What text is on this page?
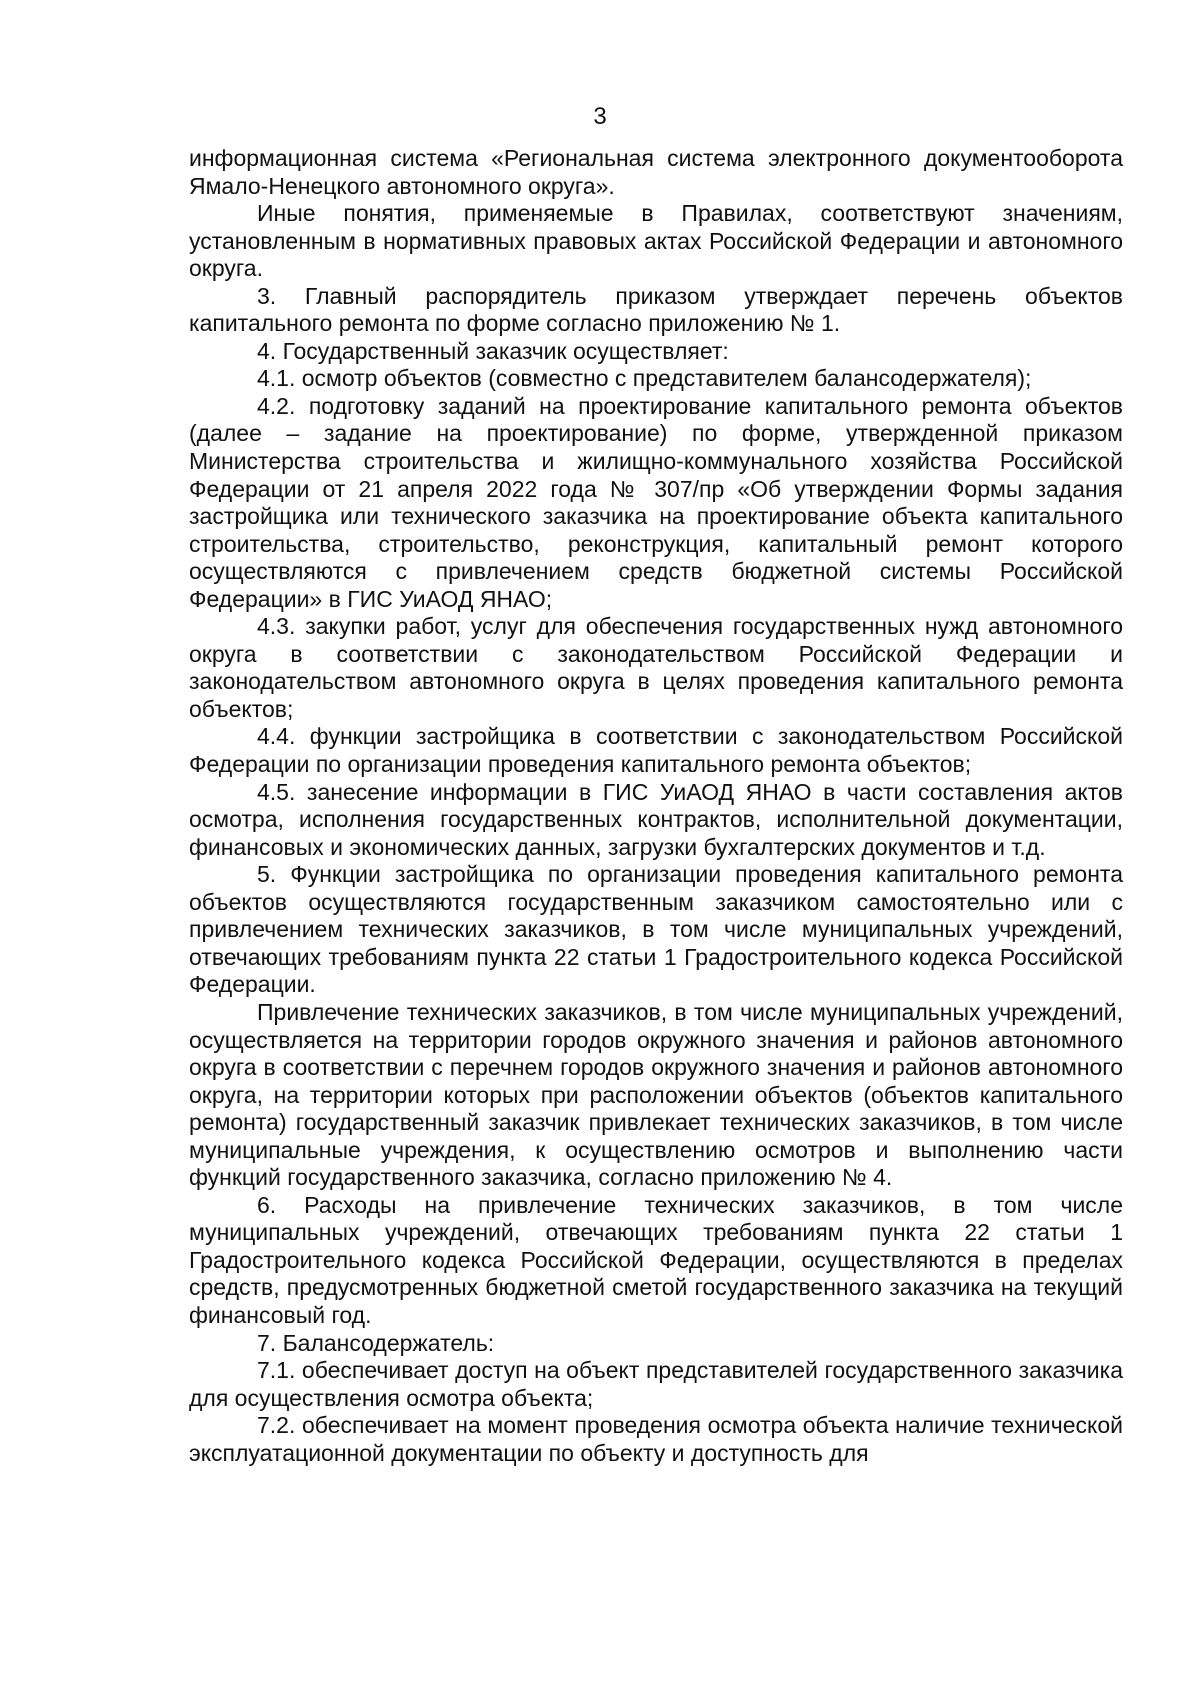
3

информационная система «Региональная система электронного документооборота Ямало-Ненецкого автономного округа».

Иные понятия, применяемые в Правилах, соответствуют значениям, установленным в нормативных правовых актах Российской Федерации и автономного округа.

3. Главный распорядитель приказом утверждает перечень объектов капитального ремонта по форме согласно приложению № 1.

4. Государственный заказчик осуществляет:

4.1. осмотр объектов (совместно с представителем балансодержателя);

4.2. подготовку заданий на проектирование капитального ремонта объектов (далее – задание на проектирование) по форме, утвержденной приказом Министерства строительства и жилищно-коммунального хозяйства Российской Федерации от 21 апреля 2022 года № 307/пр «Об утверждении Формы задания застройщика или технического заказчика на проектирование объекта капитального строительства, строительство, реконструкция, капитальный ремонт которого осуществляются с привлечением средств бюджетной системы Российской Федерации» в ГИС УиАОД ЯНАО;

4.3. закупки работ, услуг для обеспечения государственных нужд автономного округа в соответствии с законодательством Российской Федерации и законодательством автономного округа в целях проведения капитального ремонта объектов;

4.4. функции застройщика в соответствии с законодательством Российской Федерации по организации проведения капитального ремонта объектов;

4.5. занесение информации в ГИС УиАОД ЯНАО в части составления актов осмотра, исполнения государственных контрактов, исполнительной документации, финансовых и экономических данных, загрузки бухгалтерских документов и т.д.

5. Функции застройщика по организации проведения капитального ремонта объектов осуществляются государственным заказчиком самостоятельно или с привлечением технических заказчиков, в том числе муниципальных учреждений, отвечающих требованиям пункта 22 статьи 1 Градостроительного кодекса Российской Федерации.

Привлечение технических заказчиков, в том числе муниципальных учреждений, осуществляется на территории городов окружного значения и районов автономного округа в соответствии с перечнем городов окружного значения и районов автономного округа, на территории которых при расположении объектов (объектов капитального ремонта) государственный заказчик привлекает технических заказчиков, в том числе муниципальные учреждения, к осуществлению осмотров и выполнению части функций государственного заказчика, согласно приложению № 4.

6. Расходы на привлечение технических заказчиков, в том числе муниципальных учреждений, отвечающих требованиям пункта 22 статьи 1 Градостроительного кодекса Российской Федерации, осуществляются в пределах средств, предусмотренных бюджетной сметой государственного заказчика на текущий финансовый год.

7. Балансодержатель:

7.1. обеспечивает доступ на объект представителей государственного заказчика для осуществления осмотра объекта;

7.2. обеспечивает на момент проведения осмотра объекта наличие технической эксплуатационной документации по объекту и доступность для
